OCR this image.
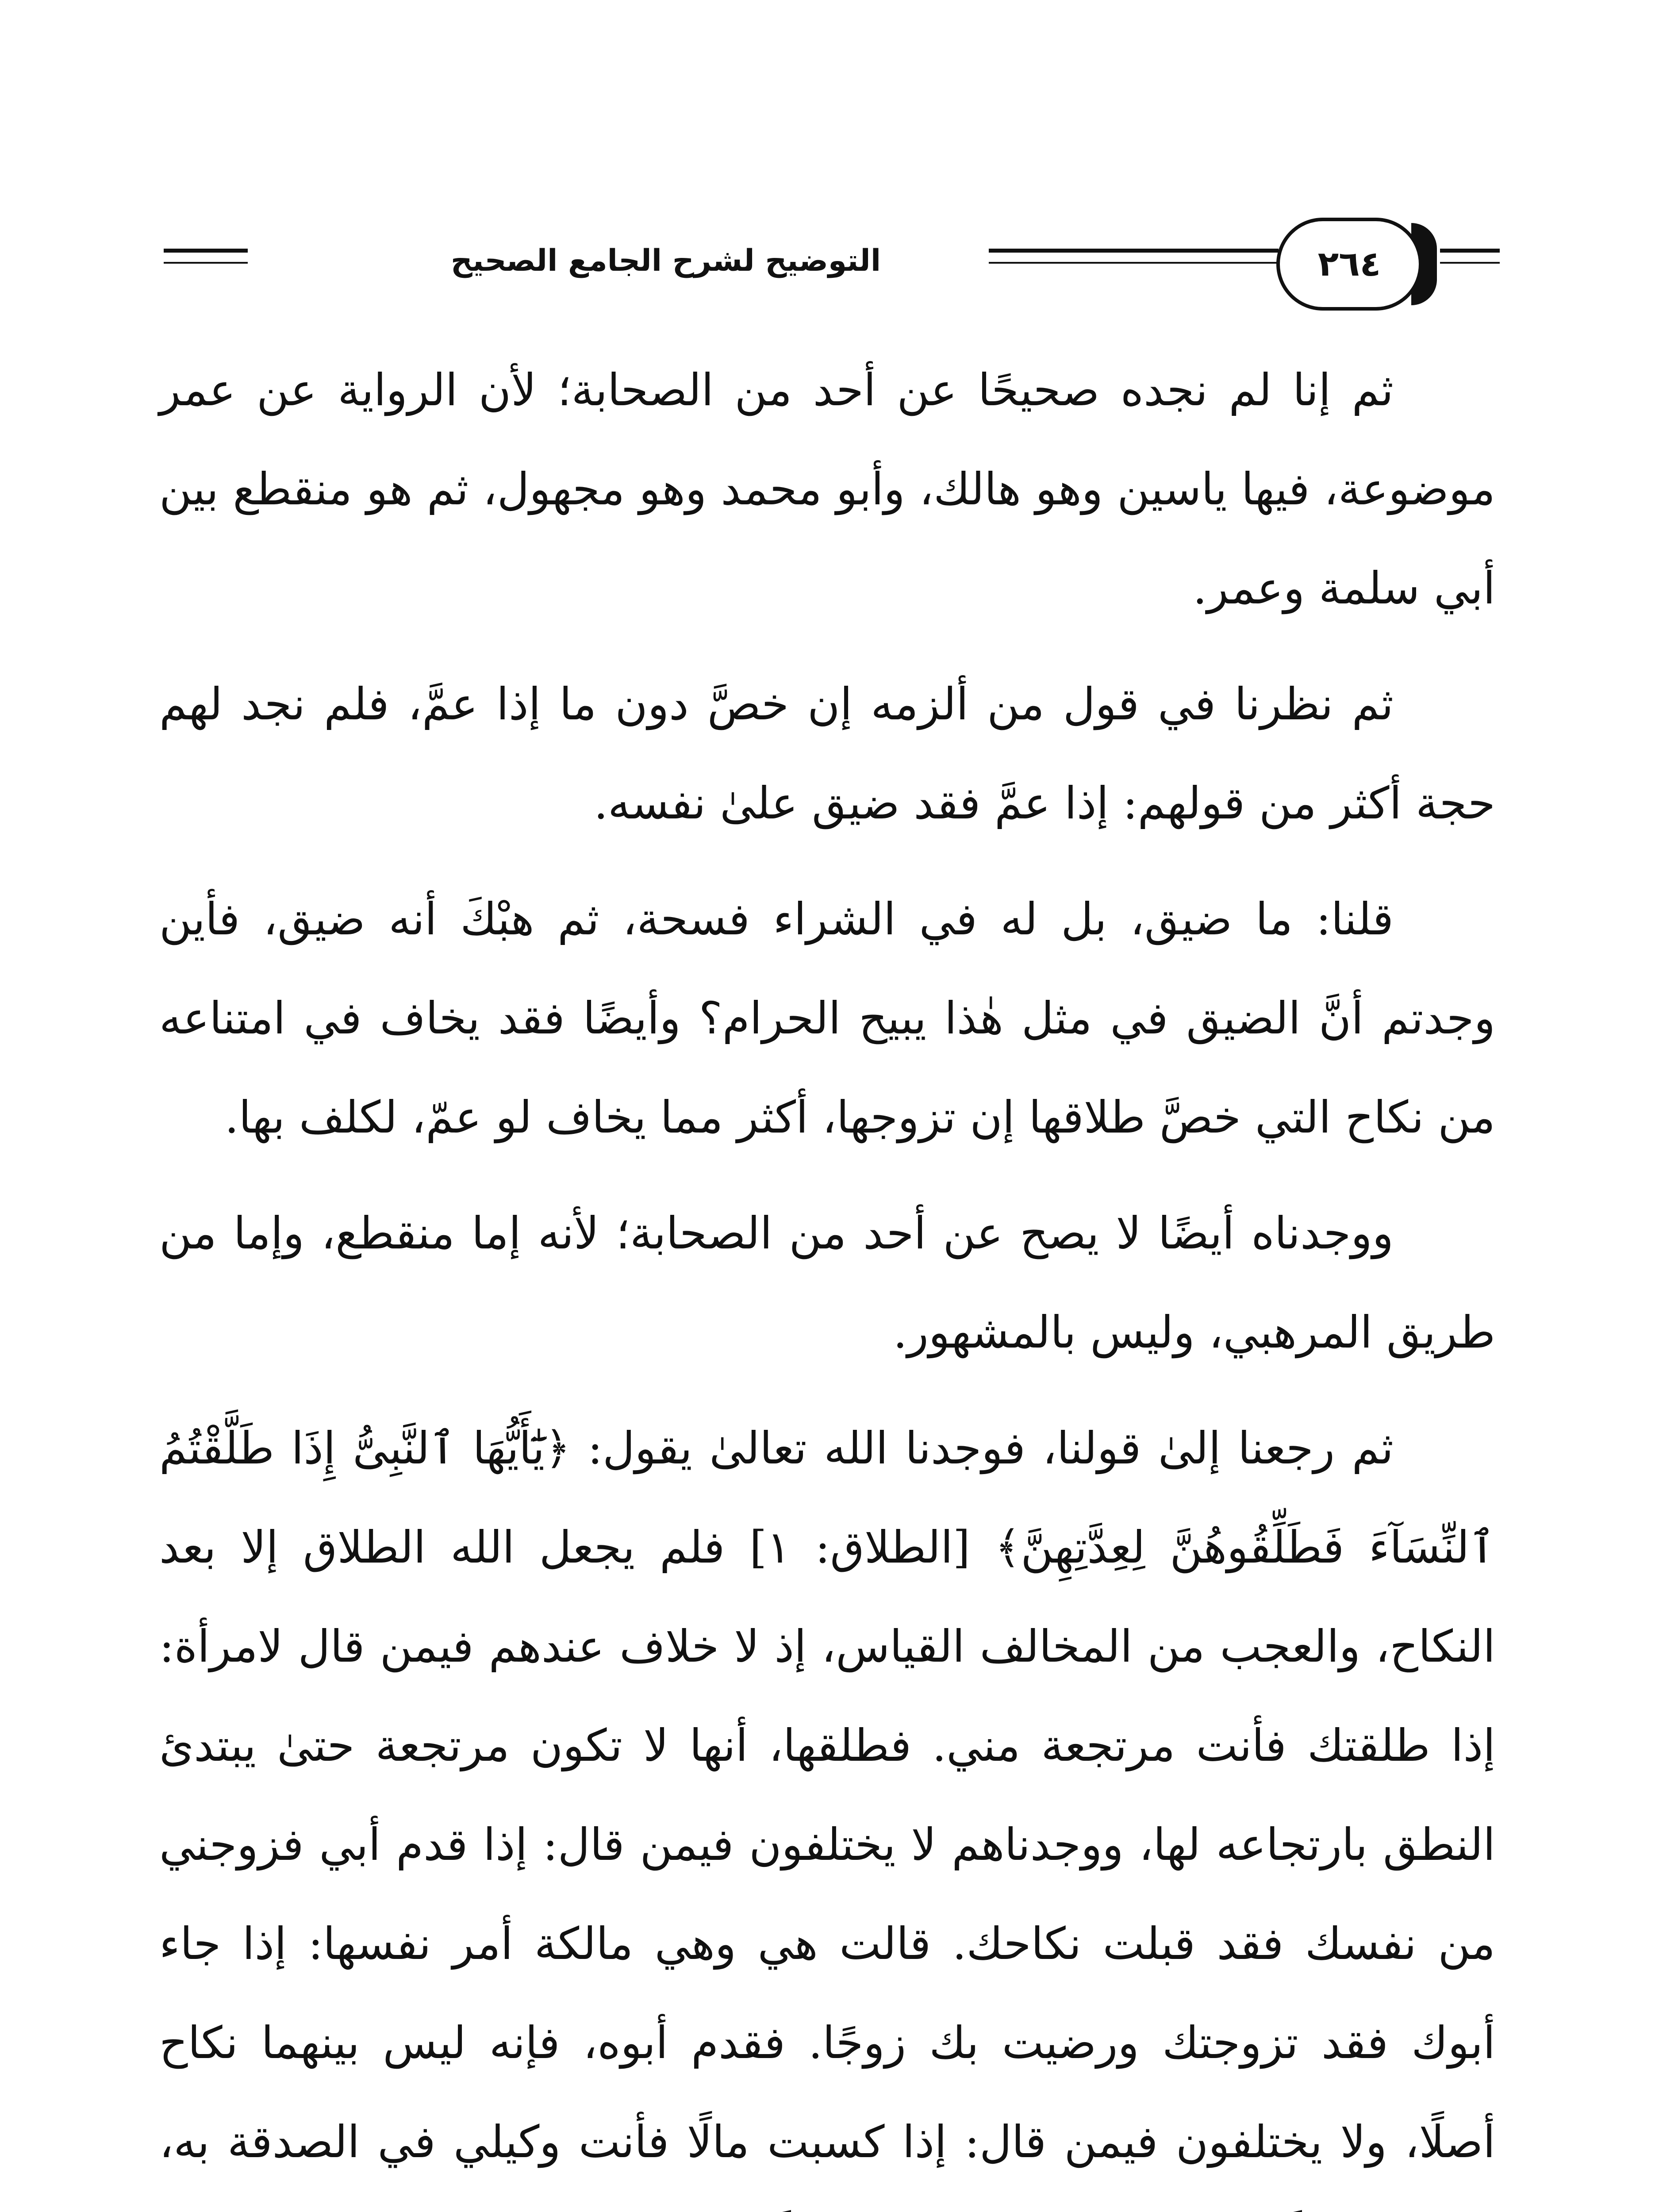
التوضيح لشرح الجامع الصحيح	٢٦٤

ثم إنا لم نجده صحيحًا عن أحد من الصحابة؛ لأن الرواية عن عمر موضوعة، فيها ياسين وهو هالك، وأبو محمد وهو مجهول، ثم هو منقطع بين أبي سلمة وعمر.

ثم نظرنا في قول من ألزمه إن خصَّ دون ما إذا عمَّ، فلم نجد لهم حجة أكثر من قولهم: إذا عمَّ فقد ضيق علىٰ نفسه.

قلنا: ما ضيق، بل له في الشراء فسحة، ثم هبْكَ أنه ضيق، فأين وجدتم أنَّ الضيق في مثل هٰذا يبيح الحرام؟ وأيضًا فقد يخاف في امتناعه من نكاح التي خصَّ طلاقها إن تزوجها، أكثر مما يخاف لو عمّ، لكلف بها.

ووجدناه أيضًا لا يصح عن أحد من الصحابة؛ لأنه إما منقطع، وإما من طريق المرهبي، وليس بالمشهور.

ثم رجعنا إلىٰ قولنا، فوجدنا الله تعالىٰ يقول: ﴿يَٰٓأَيُّهَا ٱلنَّبِىُّ إِذَا طَلَّقْتُمُ ٱلنِّسَآءَ فَطَلِّقُوهُنَّ لِعِدَّتِهِنَّ﴾ [الطلاق: ١] فلم يجعل الله الطلاق إلا بعد النكاح، والعجب من المخالف القياس، إذ لا خلاف عندهم فيمن قال لامرأة: إذا طلقتك فأنت مرتجعة مني. فطلقها، أنها لا تكون مرتجعة حتىٰ يبتدئ النطق بارتجاعه لها، ووجدناهم لا يختلفون فيمن قال: إذا قدم أبي فزوجني من نفسك فقد قبلت نكاحك. قالت هي وهي مالكة أمر نفسها: إذا جاء أبوك فقد تزوجتك ورضيت بك زوجًا. فقدم أبوه، فإنه ليس بينهما نكاح أصلًا، ولا يختلفون فيمن قال: إذا كسبت مالًا فأنت وكيلي في الصدقة به،
